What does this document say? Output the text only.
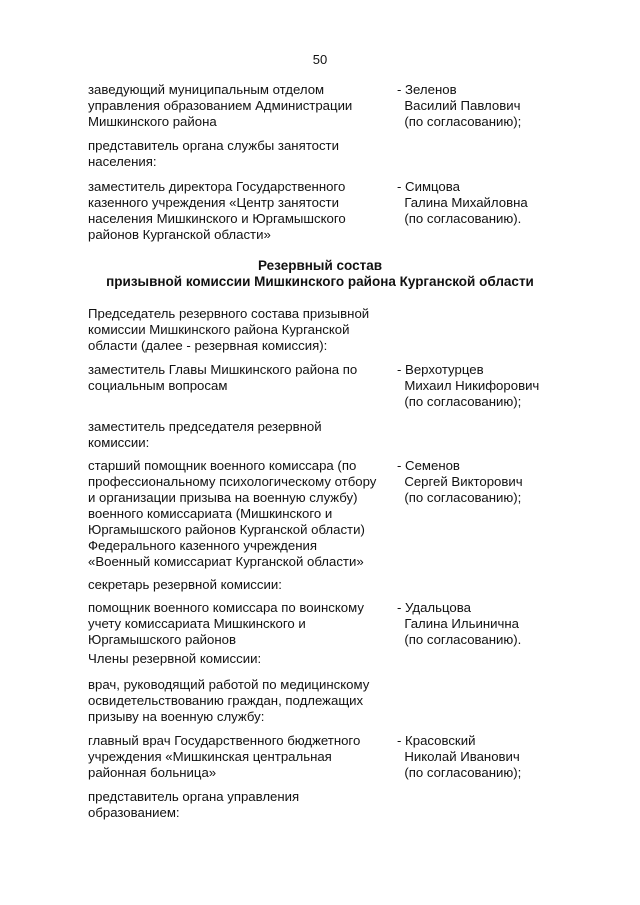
50
заведующий муниципальным отделом
управления образованием Администрации
Мишкинского района
- Зеленов
Василий Павлович
(по согласованию);
представитель органа службы занятости
населения:
заместитель директора Государственного
казенного учреждения «Центр занятости
населения Мишкинского и Юргамышского
районов Курганской области»
- Симцова
Галина Михайловна
(по согласованию).
Резервный состав
призывной комиссии Мишкинского района Курганской области
Председатель резервного состава призывной
комиссии Мишкинского района Курганской
области (далее - резервная комиссия):
заместитель Главы Мишкинского района по
социальным вопросам
- Верхотурцев
Михаил Никифорович
(по согласованию);
заместитель председателя резервной
комиссии:
старший помощник военного комиссара (по
профессиональному психологическому отбору
и организации призыва на военную службу)
военного комиссариата (Мишкинского и
Юргамышского районов Курганской области)
Федерального казенного учреждения
«Военный комиссариат Курганской области»
- Семенов
Сергей Викторович
(по согласованию);
секретарь резервной комиссии:
помощник военного комиссара по воинскому
учету комиссариата Мишкинского и
Юргамышского районов
- Удальцова
Галина Ильинична
(по согласованию).
Члены резервной комиссии:
врач, руководящий работой по медицинскому
освидетельствованию граждан, подлежащих
призыву на военную службу:
главный врач Государственного бюджетного
учреждения «Мишкинская центральная
районная больница»
- Красовский
Николай Иванович
(по согласованию);
представитель органа управления
образованием:
